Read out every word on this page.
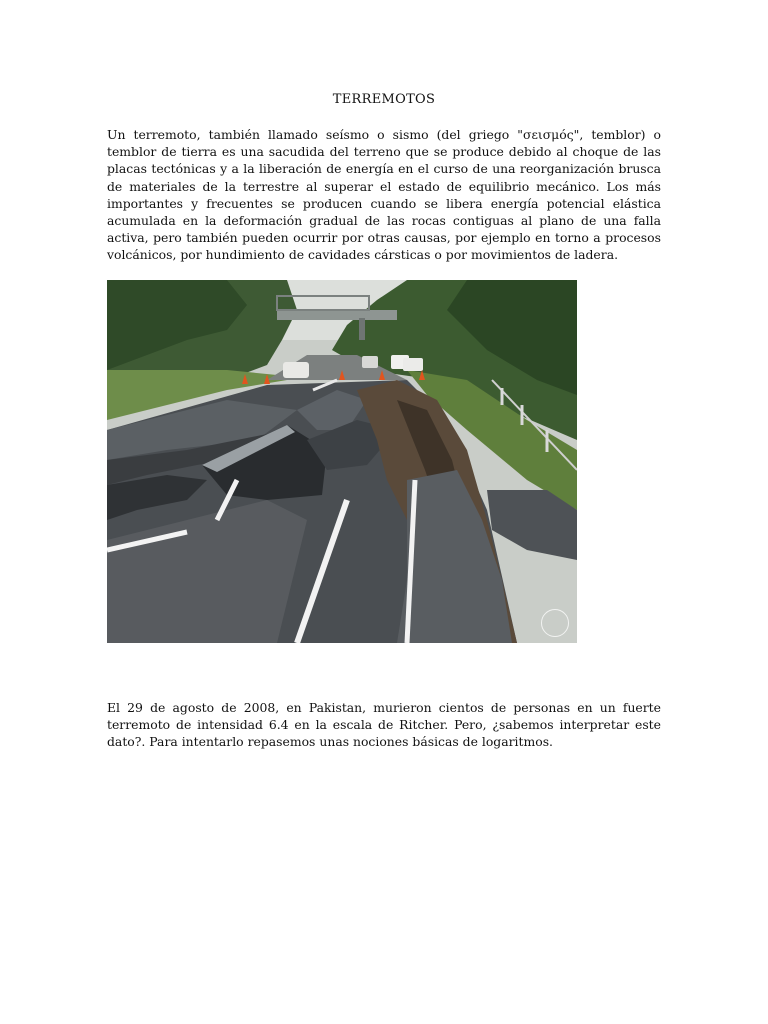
TERREMOTOS

Un terremoto, también llamado seísmo o sismo (del griego "σεισμός", temblor) o temblor de tierra es una sacudida del terreno que se produce debido al choque de las placas tectónicas y a la liberación de energía en el curso de una reorganización brusca de materiales de la terrestre al superar el estado de equilibrio mecánico. Los más importantes y frecuentes se producen cuando se libera energía potencial elástica acumulada en la deformación gradual de las rocas contiguas al plano de una falla activa, pero también pueden ocurrir por otras causas, por ejemplo en torno a procesos volcánicos, por hundimiento de cavidades cársticas o por movimientos de ladera.

El 29 de agosto de 2008, en Pakistan, murieron cientos de personas en un fuerte terremoto de intensidad 6.4 en la escala de Ritcher. Pero, ¿sabemos interpretar este dato?. Para intentarlo repasemos unas nociones básicas de logaritmos.
